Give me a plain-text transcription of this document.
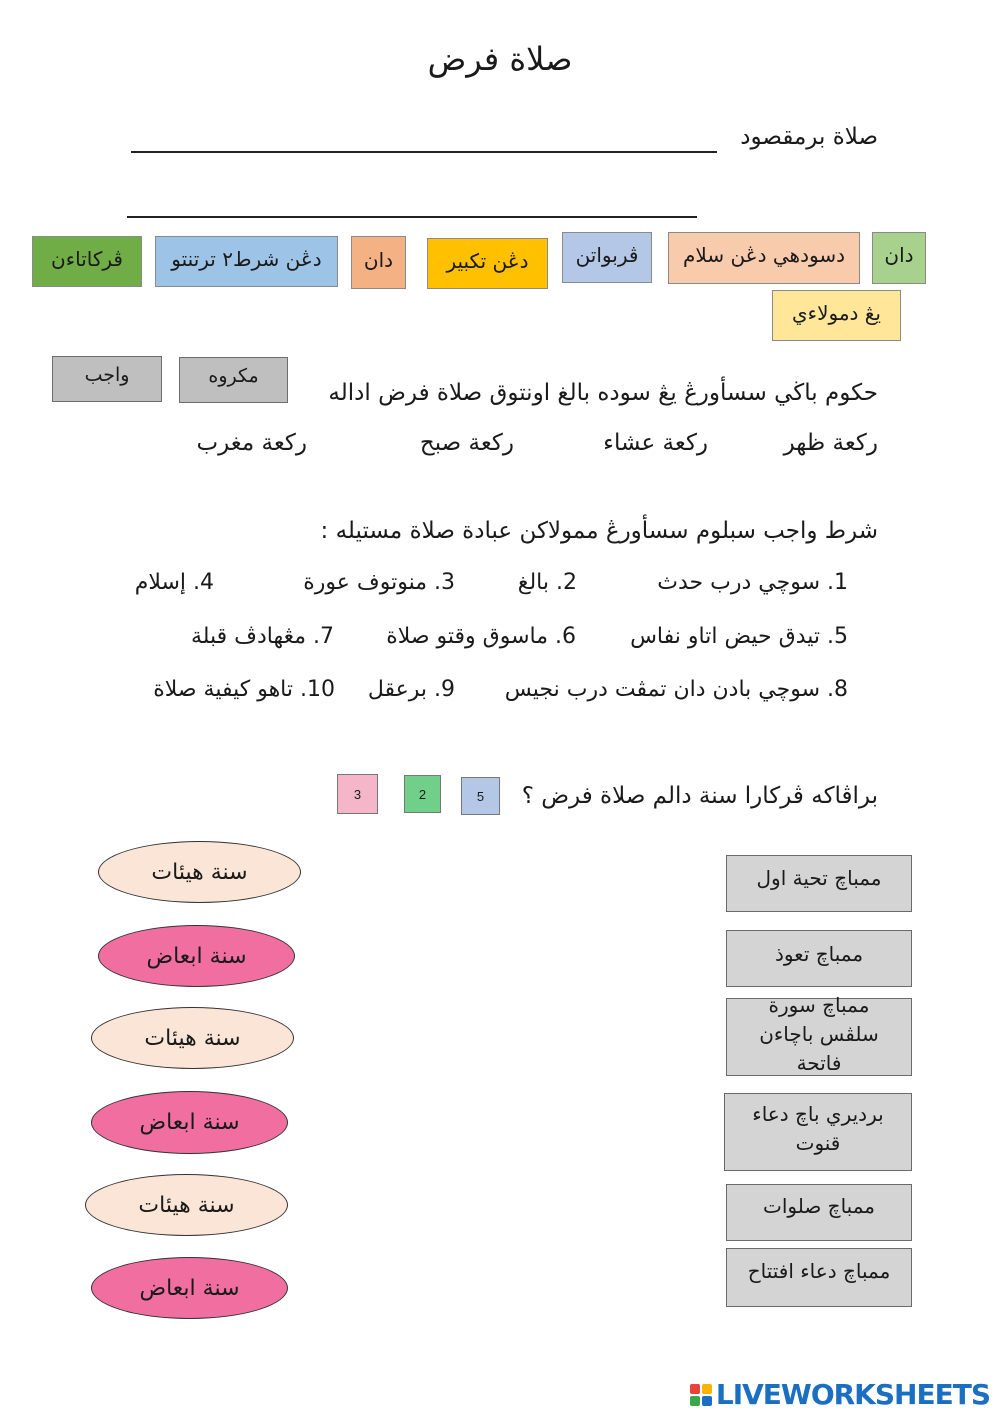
صلاة فرض
صلاة برمقصود
دان
دسودهي دڠن سلام
ڤربواتن
دڠن تكبير
دان
دڠن شرط٢ ترتنتو
ڤركاتاءن
يڠ دمولاءي
حكوم باڬي سسأورڠ يڠ سوده بالغ اونتوق صلاة فرض اداله
مكروه
واجب
ركعة ظهر
ركعة عشاء
ركعة صبح
ركعة مغرب
شرط واجب سبلوم سسأورڠ ممولاكن عبادة صلاة مستيله :
1. سوچي درب حدث
2. بالغ
3. منوتوف عورة
4. إسلام
5. تيدق حيض اتاو نفاس
6. ماسوق وقتو صلاة
7. مڠهادڤ قبلة
8. سوچي بادن دان تمڤت درب نجيس
9. برعقل
10. تاهو كيفية صلاة
براڤاكه ڤركارا سنة دالم صلاة فرض ؟
5
2
3
سنة هيئات
سنة ابعاض
سنة هيئات
سنة ابعاض
سنة هيئات
سنة ابعاض
ممباچ تحية اول
ممباچ تعوذ
ممباچ سورة سلڤس باچاءن فاتحة
برديري باچ دعاء قنوت
ممباچ صلوات
ممباچ دعاء افتتاح
LIVEWORKSHEETS
